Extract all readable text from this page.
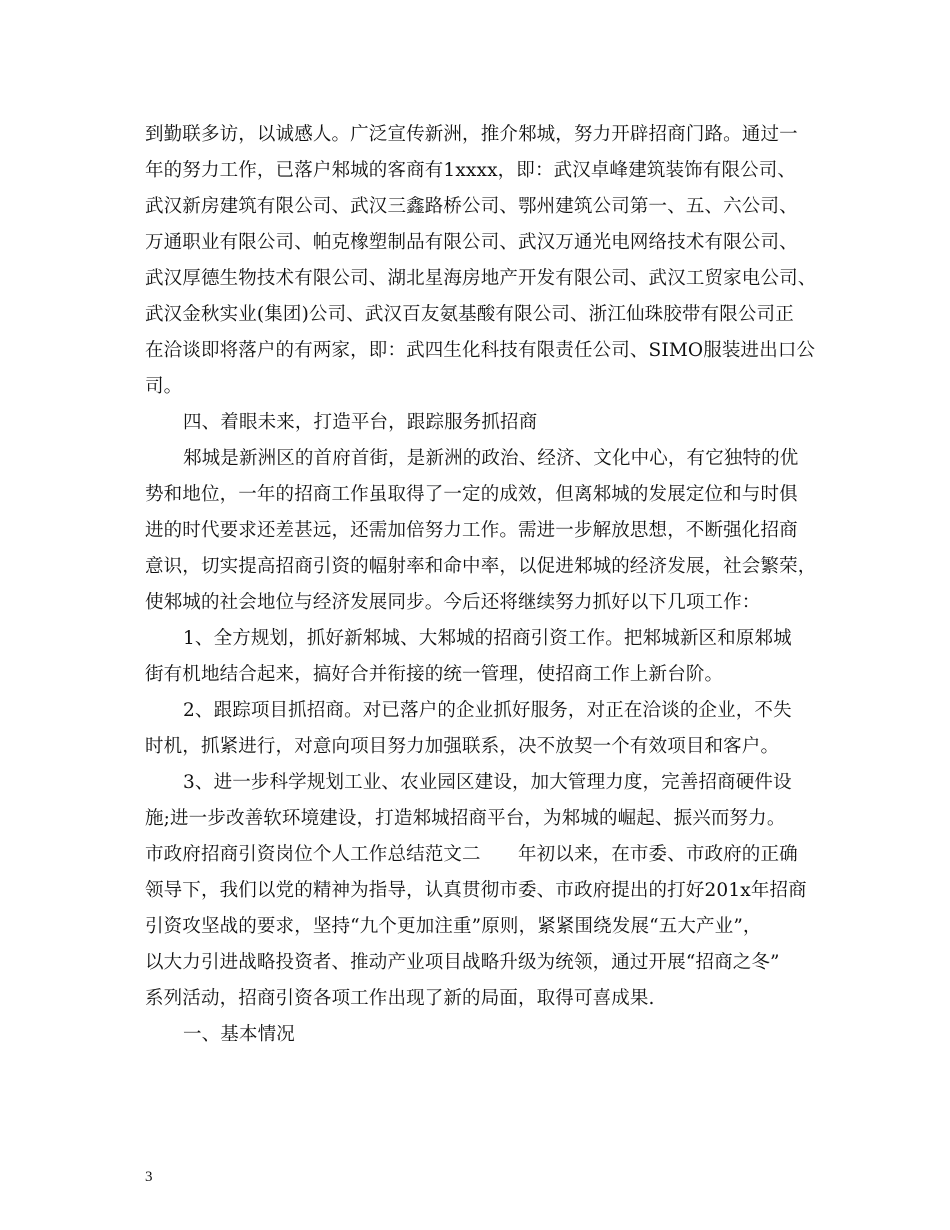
到勤联多访，以诚感人。广泛宣传新洲，推介邾城，努力开辟招商门路。通过一
年的努力工作，已落户邾城的客商有1xxxx，即：武汉卓峰建筑装饰有限公司、
武汉新房建筑有限公司、武汉三鑫路桥公司、鄂州建筑公司第一、五、六公司、
万通职业有限公司、帕克橡塑制品有限公司、武汉万通光电网络技术有限公司、
武汉厚德生物技术有限公司、湖北星海房地产开发有限公司、武汉工贸家电公司、
武汉金秋实业(集团)公司、武汉百友氨基酸有限公司、浙江仙珠胶带有限公司正
在洽谈即将落户的有两家，即：武四生化科技有限责任公司、SIMO服装进出口公
司。
四、着眼未来，打造平台，跟踪服务抓招商
邾城是新洲区的首府首街，是新洲的政治、经济、文化中心，有它独特的优
势和地位，一年的招商工作虽取得了一定的成效，但离邾城的发展定位和与时俱
进的时代要求还差甚远，还需加倍努力工作。需进一步解放思想，不断强化招商
意识，切实提高招商引资的幅射率和命中率，以促进邾城的经济发展，社会繁荣，
使邾城的社会地位与经济发展同步。今后还将继续努力抓好以下几项工作：
1、全方规划，抓好新邾城、大邾城的招商引资工作。把邾城新区和原邾城
街有机地结合起来，搞好合并衔接的统一管理，使招商工作上新台阶。
2、跟踪项目抓招商。对已落户的企业抓好服务，对正在洽谈的企业，不失
时机，抓紧进行，对意向项目努力加强联系，决不放契一个有效项目和客户。
3、进一步科学规划工业、农业园区建设，加大管理力度，完善招商硬件设
施;进一步改善软环境建设，打造邾城招商平台，为邾城的崛起、振兴而努力。
市政府招商引资岗位个人工作总结范文二　　年初以来，在市委、市政府的正确
领导下，我们以党的精神为指导，认真贯彻市委、市政府提出的打好201x年招商
引资攻坚战的要求，坚持“九个更加注重”原则，紧紧围绕发展“五大产业”，
以大力引进战略投资者、推动产业项目战略升级为统领，通过开展“招商之冬”
系列活动，招商引资各项工作出现了新的局面，取得可喜成果.
一、基本情况
3
